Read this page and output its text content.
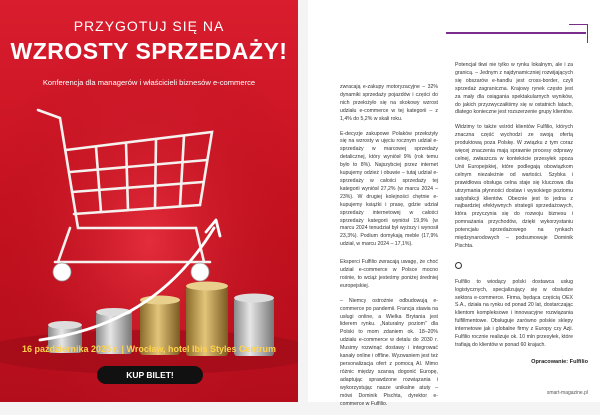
PRZYGOTUJ SIĘ NA
WZROSTY SPRZEDAŻY!
Konferencja dla managerów i właścicieli biznesów e-commerce
16 października 2025 r. | Wrocław, hotel Ibis Styles Centrum
KUP BILET!

zwracają e-zakupy motoryzacyjne – 32% dynamiki sprzedaży pojazdów i części do nich przełożyło się na skokowy wzrost udziału e-commerce w tej kategorii – z 1,4% do 5,2% w skali roku.

E-decyzje zakupowe Polaków przełożyły się na wzrosty w ujęciu rocznym udział e-sprzedaży w marcowej sprzedaży detalicznej, który wyniósł 9% (rok temu było to 8%). Najszybciej przez internet kupujemy odzież i obuwie – tutaj udział e-sprzedaży w całości sprzedaży tej kategorii wyniósł 27,2% (w marcu 2024 – 23%). W drugiej kolejności chętnie e-kupujemy książki i prasę, gdzie udział sprzedaży internetowej w całości sprzedaży kategorii wyniósł 19,9% (w marcu 2024 tenudział był wyższy i wynosił 23,3%). Podium domykają meble (17,9% udział, w marcu 2024 – 17,1%).

Eksperci Fulfilio zwracają uwagę, że choć udział e-commerce w Polsce mocno rośnie, to wciąż jesteśmy poniżej średniej europejskiej.

– Niemcy ostrożnie odbudowują e-commerce po pandemii. Francja stawia na usługi online, a Wielka Brytania jest liderem rynku. „Naturalny poziom” dla Polski to mom zdaniem ok. 18–20% udziału e-commerce w detalu do 2030 r. Musimy rozwinąć dostawy i integrować kanały online i offline. Wyzwaniem jest też personalizacja ofert z pomocą AI. Mimo różnic między szansą dogonić Europę, adaptując sprawdzone rozwiązania i wykorzystując nasze unikalne atuty – mówi Dominik Pischta, dyrektor e-commerce w Fulfilio.

Potencjał tkwi nie tylko w rynku lokalnym, ale i za granicą. – Jednym z najdynamiczniej rozwijających się obszarów e-handlu jest cross-border, czyli sprzedaż zagraniczna. Krajowy rynek często jest za mały dla osiągania spektakularnych wyników, do jakich przyzwyczaiłiśmy się w ostatnich latach, dlatego konieczne jest rozszerzenie grupy klientów.

Widzimy to także wśród klientów Fulfilio, których znaczna część wychodzi ze swoją ofertą produktową poza Polskę. W związku z tym coraz więcej znaczenia mają sprawnie procesy odprawy celnej, zwłaszcza w kontekście przesyłek spoza Unii Europejskiej, które podlegają obowiązkom celnym niezależnie od wartości. Szybka i prawidłowa obsługa celna staje się kluczowa dla utrzymania płynności dostaw i wysokiego poziomu satysfakcji klientów. Obecnie jest to jedna z najbardziej efektywnych strategii sprzedażowych, która przyczynia się do rozwoju biznesu i pomnażania przychodów, dzięki wykorzystaniu potencjału sprzedażowego na rynkach międzynarodowych – podsumowuje Dominik Pischta.

Fulfilio to wiodący polski dostawca usług logistycznych, specjalizujący się w obsłudze sektora e-commerce. Firma, będąca częścią OEX S.A., działa na rynku od ponad 20 lat, dostarczając klientom kompleksowe i innowacyjne rozwiązania fulfillmentowe. Obsługuje zarówno polskie sklepy internetowe jak i globalne firmy z Europy czy Azji. Fulfilio rocznie realizuje ok. 10 mln przesyłek, które trafiają do klientów w ponad 60 krajach.

Opracowanie: Fulfilio
smart-magazine.pl
